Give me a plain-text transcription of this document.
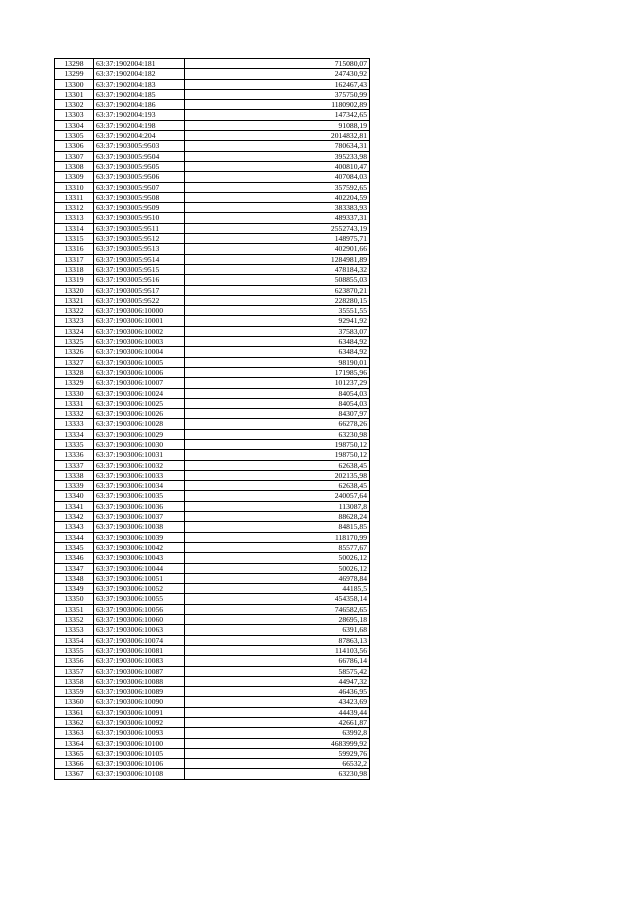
13298	63:37:1902004:181	715080,07
13299	63:37:1902004:182	247430,92
13300	63:37:1902004:183	162467,43
13301	63:37:1902004:185	375750,99
13302	63:37:1902004:186	1180902,89
13303	63:37:1902004:193	147342,65
13304	63:37:1902004:198	91088,19
13305	63:37:1902004:204	2014832,81
13306	63:37:1903005:9503	780634,31
13307	63:37:1903005:9504	395233,98
13308	63:37:1903005:9505	400810,47
13309	63:37:1903005:9506	407084,03
13310	63:37:1903005:9507	357592,65
13311	63:37:1903005:9508	402204,59
13312	63:37:1903005:9509	383383,93
13313	63:37:1903005:9510	489337,31
13314	63:37:1903005:9511	2552743,19
13315	63:37:1903005:9512	148975,71
13316	63:37:1903005:9513	402901,66
13317	63:37:1903005:9514	1284981,89
13318	63:37:1903005:9515	478184,32
13319	63:37:1903005:9516	508855,03
13320	63:37:1903005:9517	623870,21
13321	63:37:1903005:9522	228280,15
13322	63:37:1903006:10000	35551,55
13323	63:37:1903006:10001	92941,92
13324	63:37:1903006:10002	37583,07
13325	63:37:1903006:10003	63484,92
13326	63:37:1903006:10004	63484,92
13327	63:37:1903006:10005	98190,01
13328	63:37:1903006:10006	171985,96
13329	63:37:1903006:10007	101237,29
13330	63:37:1903006:10024	84054,03
13331	63:37:1903006:10025	84054,03
13332	63:37:1903006:10026	84307,97
13333	63:37:1903006:10028	66278,26
13334	63:37:1903006:10029	63230,98
13335	63:37:1903006:10030	198750,12
13336	63:37:1903006:10031	198750,12
13337	63:37:1903006:10032	62638,45
13338	63:37:1903006:10033	202135,98
13339	63:37:1903006:10034	62638,45
13340	63:37:1903006:10035	240057,64
13341	63:37:1903006:10036	113087,8
13342	63:37:1903006:10037	88628,24
13343	63:37:1903006:10038	84815,85
13344	63:37:1903006:10039	118170,99
13345	63:37:1903006:10042	85577,67
13346	63:37:1903006:10043	50026,12
13347	63:37:1903006:10044	50026,12
13348	63:37:1903006:10051	46978,84
13349	63:37:1903006:10052	44185,5
13350	63:37:1903006:10055	454358,14
13351	63:37:1903006:10056	746582,65
13352	63:37:1903006:10060	28695,18
13353	63:37:1903006:10063	6391,68
13354	63:37:1903006:10074	87863,13
13355	63:37:1903006:10081	114103,56
13356	63:37:1903006:10083	66786,14
13357	63:37:1903006:10087	58575,42
13358	63:37:1903006:10088	44947,32
13359	63:37:1903006:10089	46436,95
13360	63:37:1903006:10090	43423,69
13361	63:37:1903006:10091	44439,44
13362	63:37:1903006:10092	42661,87
13363	63:37:1903006:10093	63992,8
13364	63:37:1903006:10100	4683999,92
13365	63:37:1903006:10105	59929,76
13366	63:37:1903006:10106	66532,2
13367	63:37:1903006:10108	63230,98
